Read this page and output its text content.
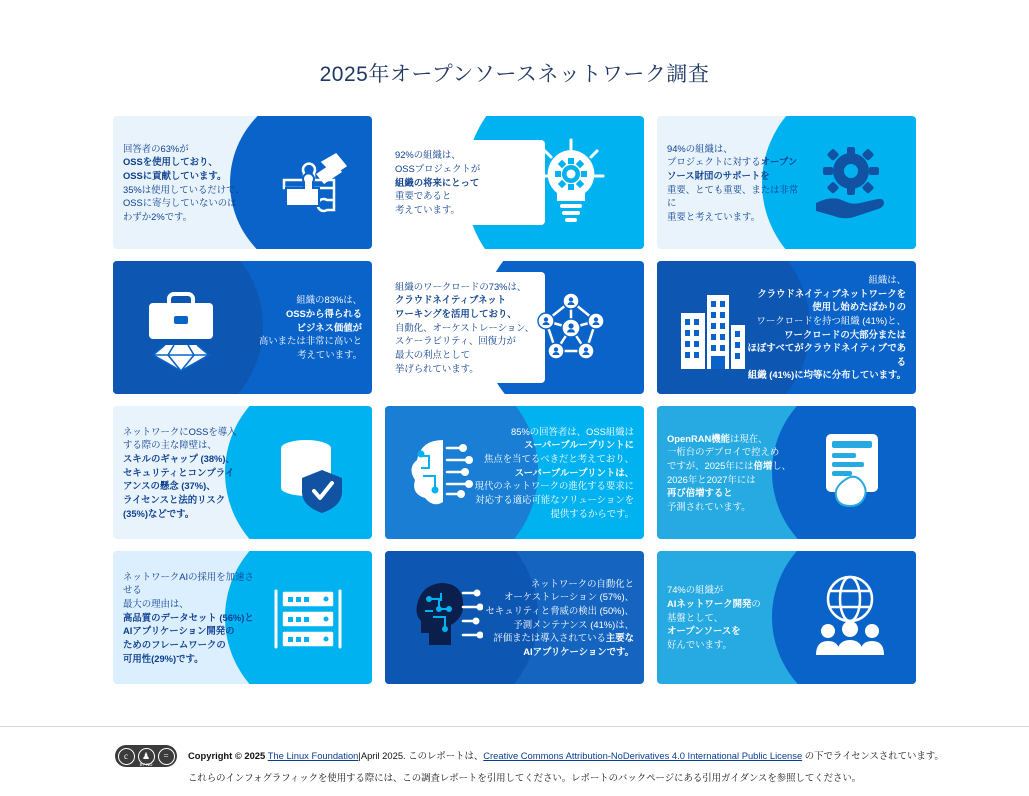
2025年オープンソースネットワーク調査
回答者の63%が
OSSを使用しており、
OSSに貢献しています。
35%は使用しているだけで、
OSSに寄与していないのは
わずか2%です。
92%の組織は、
OSSプロジェクトが
組織の将来にとって
重要であると
考えています。
94%の組織は、
プロジェクトに対するオープン
ソース財団のサポートを
重要、とても重要、または非常に
重要と考えています。
組織の83%は、
OSSから得られる
ビジネス価値が
高いまたは非常に高いと
考えています。
組織のワークロードの73%は、
クラウドネイティブネット
ワーキングを活用しており、
自動化、オーケストレーション、
スケーラビリティ、回復力が
最大の利点として
挙げられています。
組織は、
クラウドネイティブネットワークを
使用し始めたばかりの
ワークロードを持つ組織 (41%)と、
ワークロードの大部分または
ほぼすべてがクラウドネイティブである
組織 (41%)に均等に分布しています。
ネットワークにOSSを導入
する際の主な障壁は、
スキルのギャップ (38%)、
セキュリティとコンプライ
アンスの懸念 (37%)、
ライセンスと法的リスク
(35%)などです。
85%の回答者は、OSS組織は
スーパーブループリントに
焦点を当てるべきだと考えており、
スーパーブループリントは、
現代のネットワークの進化する要求に
対応する適応可能なソリューションを
提供するからです。
OpenRAN機能は現在、
一桁台のデプロイで控えめ
ですが、2025年には倍増し、
2026年と2027年には
再び倍増すると
予測されています。
ネットワークAIの採用を加速させる
最大の理由は、
高品質のデータセット (56%)と
AIアプリケーション開発の
ためのフレームワークの
可用性(29%)です。
ネットワークの自動化と
オーケストレーション (57%)、
セキュリティと脅威の検出 (50%)、
予測メンテナンス (41%)は、
評価または導入されている主要な
AIアプリケーションです。
74%の組織が
AIネットワーク開発の
基盤として、
オープンソースを
好んでいます。
c	♟	=
BY ND
Copyright © 2025 The Linux Foundation|April 2025. このレポートは、Creative Commons Attribution-NoDerivatives 4.0 International Public License の下でライセンスされています。
これらのインフォグラフィックを使用する際には、この調査レポートを引用してください。レポートのバックページにある引用ガイダンスを参照してください。
